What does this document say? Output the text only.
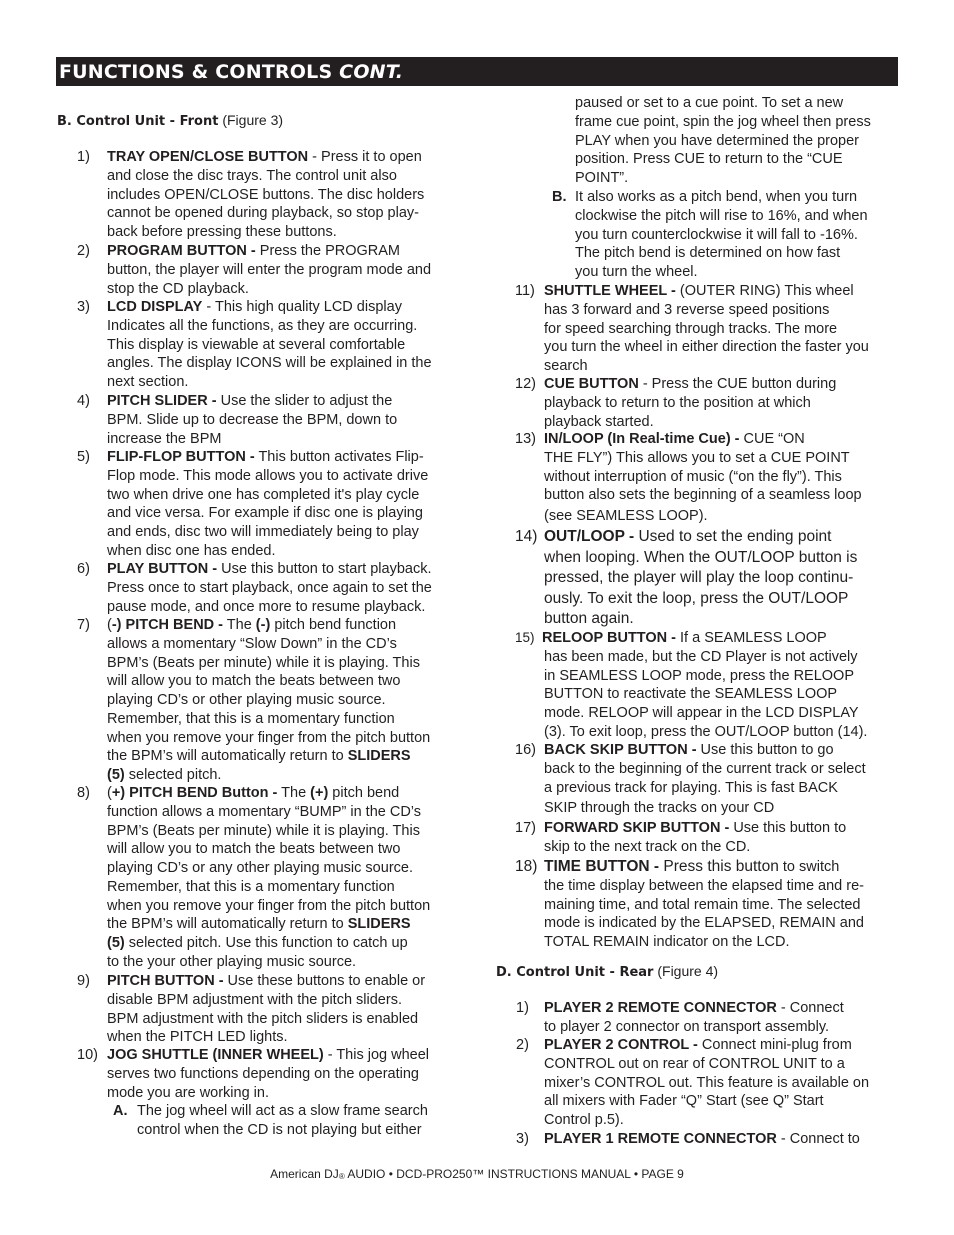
FUNCTIONS & CONTROLS CONT.
B. Control Unit - Front (Figure 3)
1) TRAY OPEN/CLOSE BUTTON - Press it to open
and close the disc trays. The control unit also
includes OPEN/CLOSE buttons. The disc holders
cannot be opened during playback, so stop play-
back before pressing these buttons.
2) PROGRAM BUTTON - Press the PROGRAM
button, the player will enter the program mode and
stop the CD playback.
3) LCD DISPLAY - This high quality LCD display
Indicates all the functions, as they are occurring.
This display is viewable at several comfortable
angles. The display ICONS will be explained in the
next section.
4) PITCH SLIDER - Use the slider to adjust the
BPM. Slide up to decrease the BPM, down to
increase the BPM
5) FLIP-FLOP BUTTON - This button activates Flip-
Flop mode. This mode allows you to activate drive
two when drive one has completed it's play cycle
and vice versa. For example if disc one is playing
and ends, disc two will immediately being to play
when disc one has ended.
6) PLAY BUTTON - Use this button to start playback.
Press once to start playback, once again to set the
pause mode, and once more to resume playback.
7) (-) PITCH BEND - The (-) pitch bend function
allows a momentary “Slow Down” in the CD’s
BPM’s (Beats per minute) while it is playing. This
will allow you to match the beats between two
playing CD’s or other playing music source.
Remember, that this is a momentary function
when you remove your finger from the pitch button
the BPM’s will automatically return to SLIDERS
(5) selected pitch.
8) (+) PITCH BEND Button - The (+) pitch bend
function allows a momentary “BUMP” in the CD’s
BPM’s (Beats per minute) while it is playing. This
will allow you to match the beats between two
playing CD’s or any other playing music source.
Remember, that this is a momentary function
when you remove your finger from the pitch button
the BPM’s will automatically return to SLIDERS
(5) selected pitch. Use this function to catch up
to the your other playing music source.
9) PITCH BUTTON - Use these buttons to enable or
disable BPM adjustment with the pitch sliders.
BPM adjustment with the pitch sliders is enabled
when the PITCH LED lights.
10) JOG SHUTTLE (INNER WHEEL) - This jog wheel
serves two functions depending on the operating
mode you are working in.
A. The jog wheel will act as a slow frame search
control when the CD is not playing but either
paused or set to a cue point. To set a new
frame cue point, spin the jog wheel then press
PLAY when you have determined the proper
position. Press CUE to return to the “CUE
POINT”.
B. It also works as a pitch bend, when you turn
clockwise the pitch will rise to 16%, and when
you turn counterclockwise it will fall to -16%.
The pitch bend is determined on how fast
you turn the wheel.
11) SHUTTLE WHEEL - (OUTER RING) This wheel
has 3 forward and 3 reverse speed positions
for speed searching through tracks. The more
you turn the wheel in either direction the faster you
search
12) CUE BUTTON - Press the CUE button during
playback to return to the position at which
playback started.
13) IN/LOOP (In Real-time Cue) - CUE “ON
THE FLY”) This allows you to set a CUE POINT
without interruption of music (“on the fly”). This
button also sets the beginning of a seamless loop
(see SEAMLESS LOOP).
14) OUT/LOOP - Used to set the ending point
when looping. When the OUT/LOOP button is
pressed, the player will play the loop continu-
ously. To exit the loop, press the OUT/LOOP
button again.
15) RELOOP BUTTON - If a SEAMLESS LOOP
has been made, but the CD Player is not actively
in SEAMLESS LOOP mode, press the RELOOP
BUTTON to reactivate the SEAMLESS LOOP
mode. RELOOP will appear in the LCD DISPLAY
(3). To exit loop, press the OUT/LOOP button (14).
16) BACK SKIP BUTTON - Use this button to go
back to the beginning of the current track or select
a previous track for playing. This is fast BACK
SKIP through the tracks on your CD
17) FORWARD SKIP BUTTON - Use this button to
skip to the next track on the CD.
18) TIME BUTTON - Press this button to switch
the time display between the elapsed time and re-
maining time, and total remain time. The selected
mode is indicated by the ELAPSED, REMAIN and
TOTAL REMAIN indicator on the LCD.
D. Control Unit - Rear (Figure 4)
1) PLAYER 2 REMOTE CONNECTOR - Connect
to player 2 connector on transport assembly.
2) PLAYER 2 CONTROL - Connect mini-plug from
CONTROL out on rear of CONTROL UNIT to a
mixer’s CONTROL out. This feature is available on
all mixers with Fader “Q” Start (see Q” Start
Control p.5).
3) PLAYER 1 REMOTE CONNECTOR - Connect to
American $DJ_®$ AUDIO • DCD-PRO250™ INSTRUCTIONS MANUAL • PAGE 9
